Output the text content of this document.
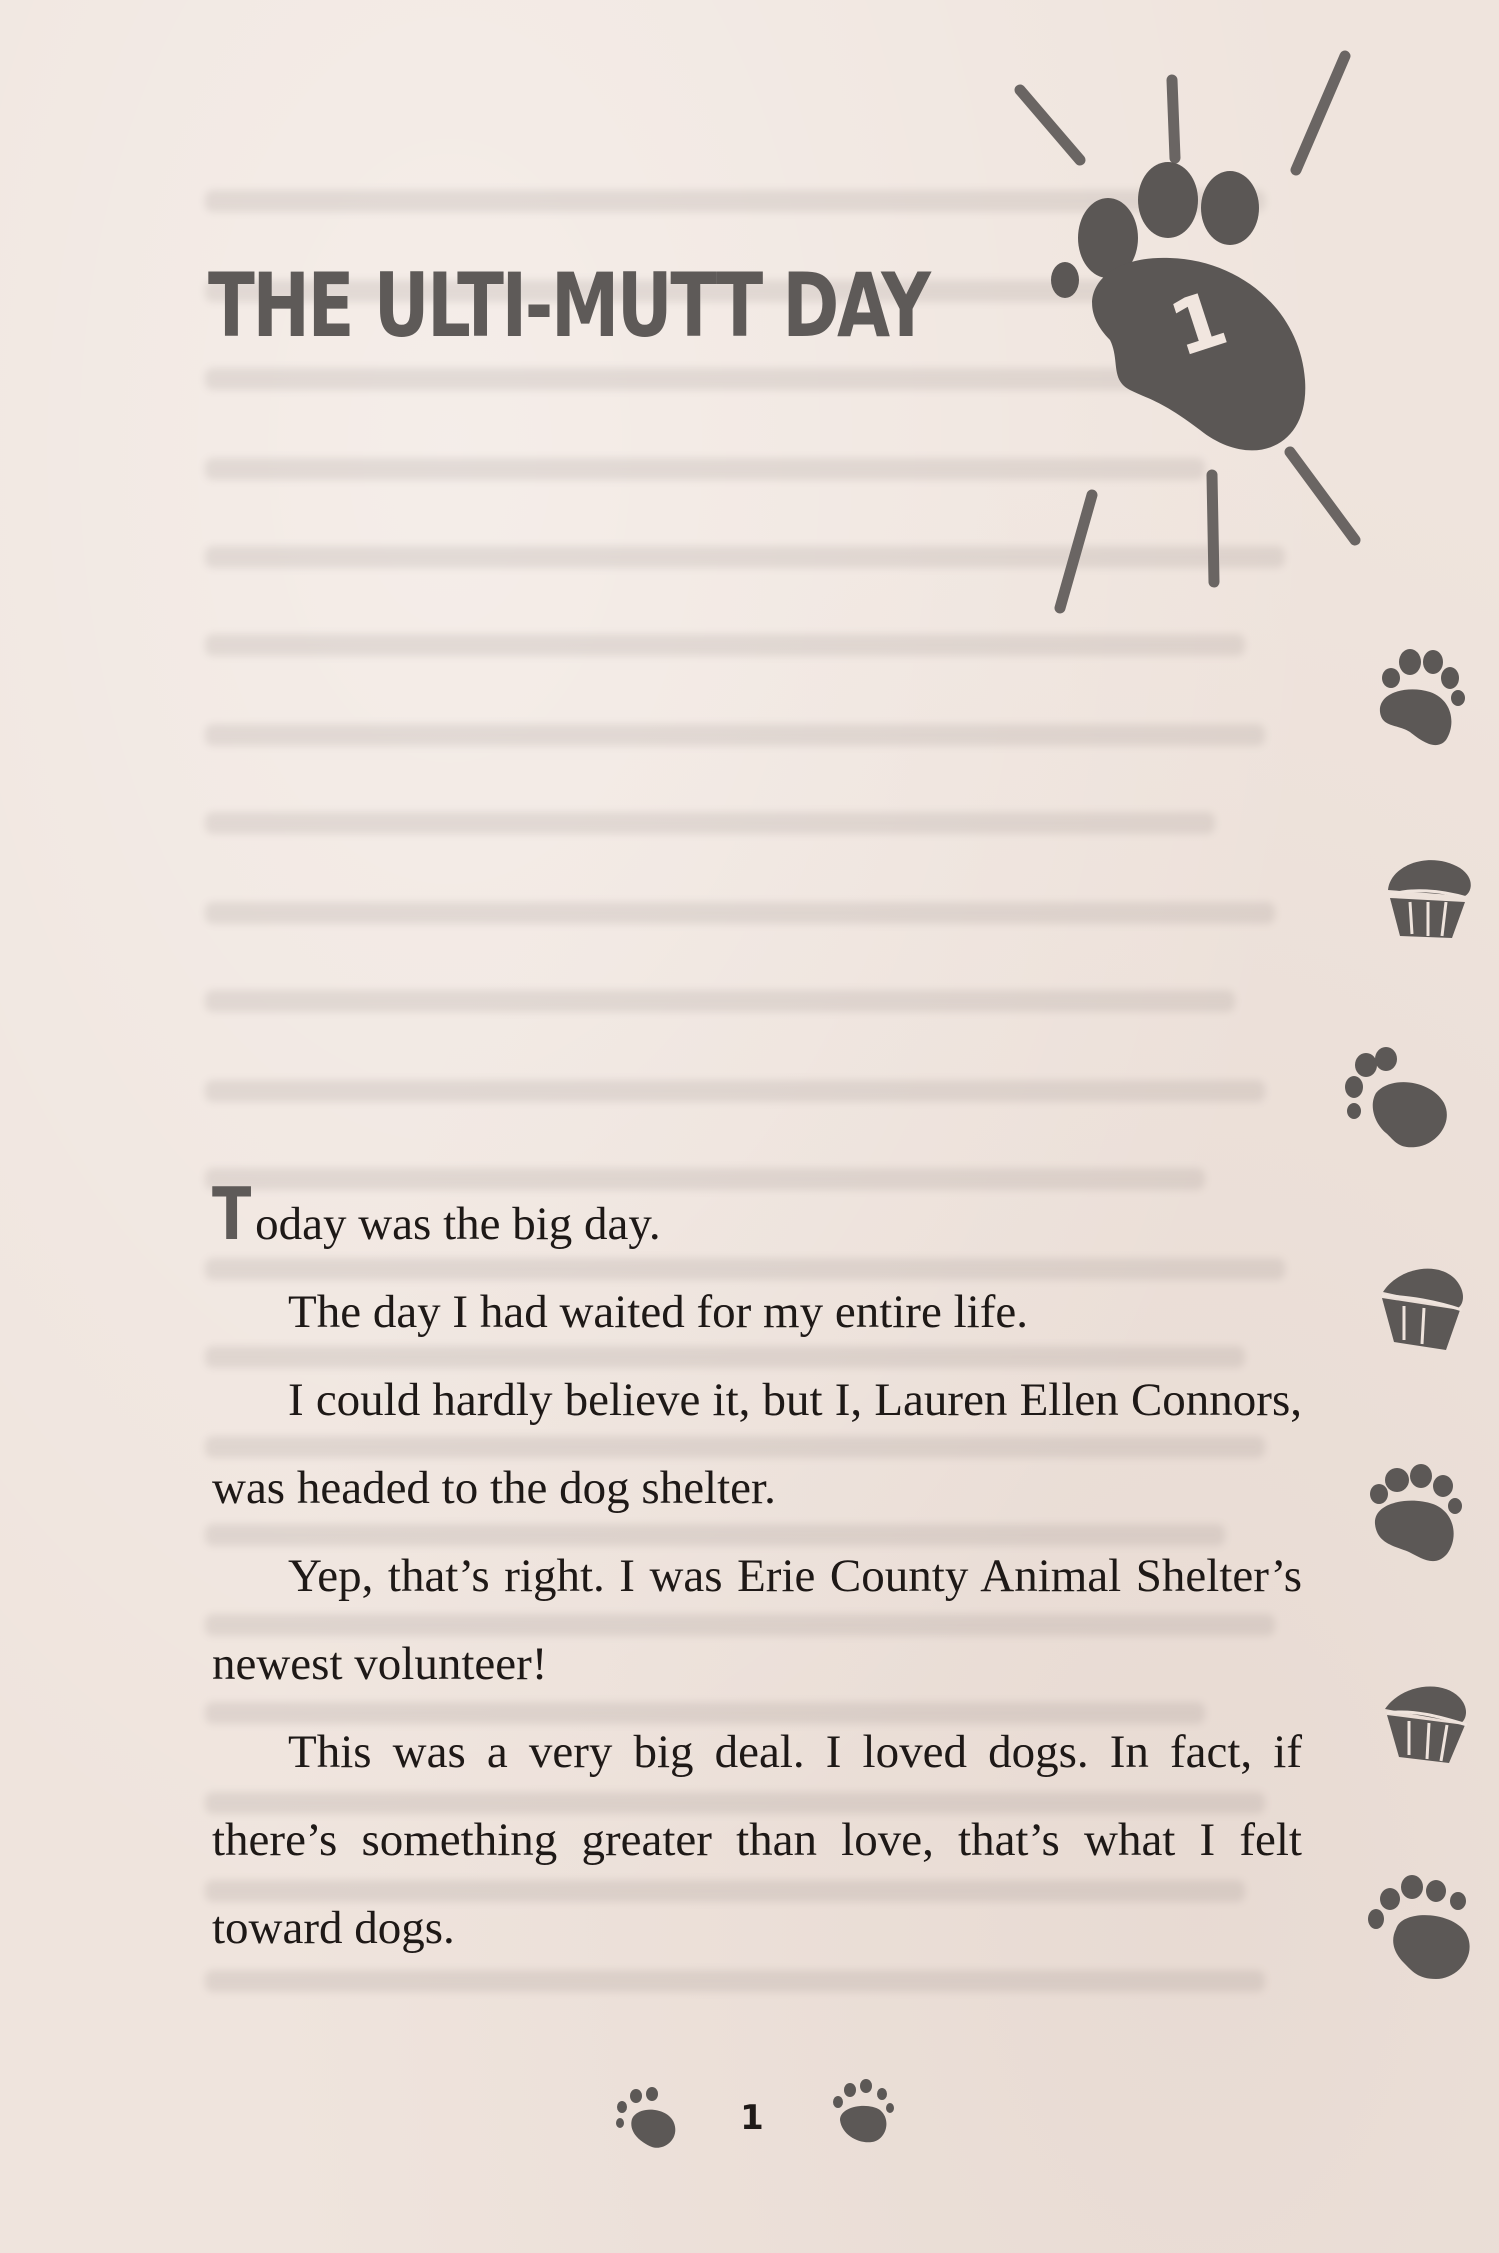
THE ULTI-MUTT DAY	1

Today was the big day.

The day I had waited for my entire life.

I could hardly believe it, but I, Lauren Ellen Connors, was headed to the dog shelter.

Yep, that’s right. I was Erie County Animal Shelter’s newest volunteer!

This was a very big deal. I loved dogs. In fact, if there’s something greater than love, that’s what I felt toward dogs.

1
